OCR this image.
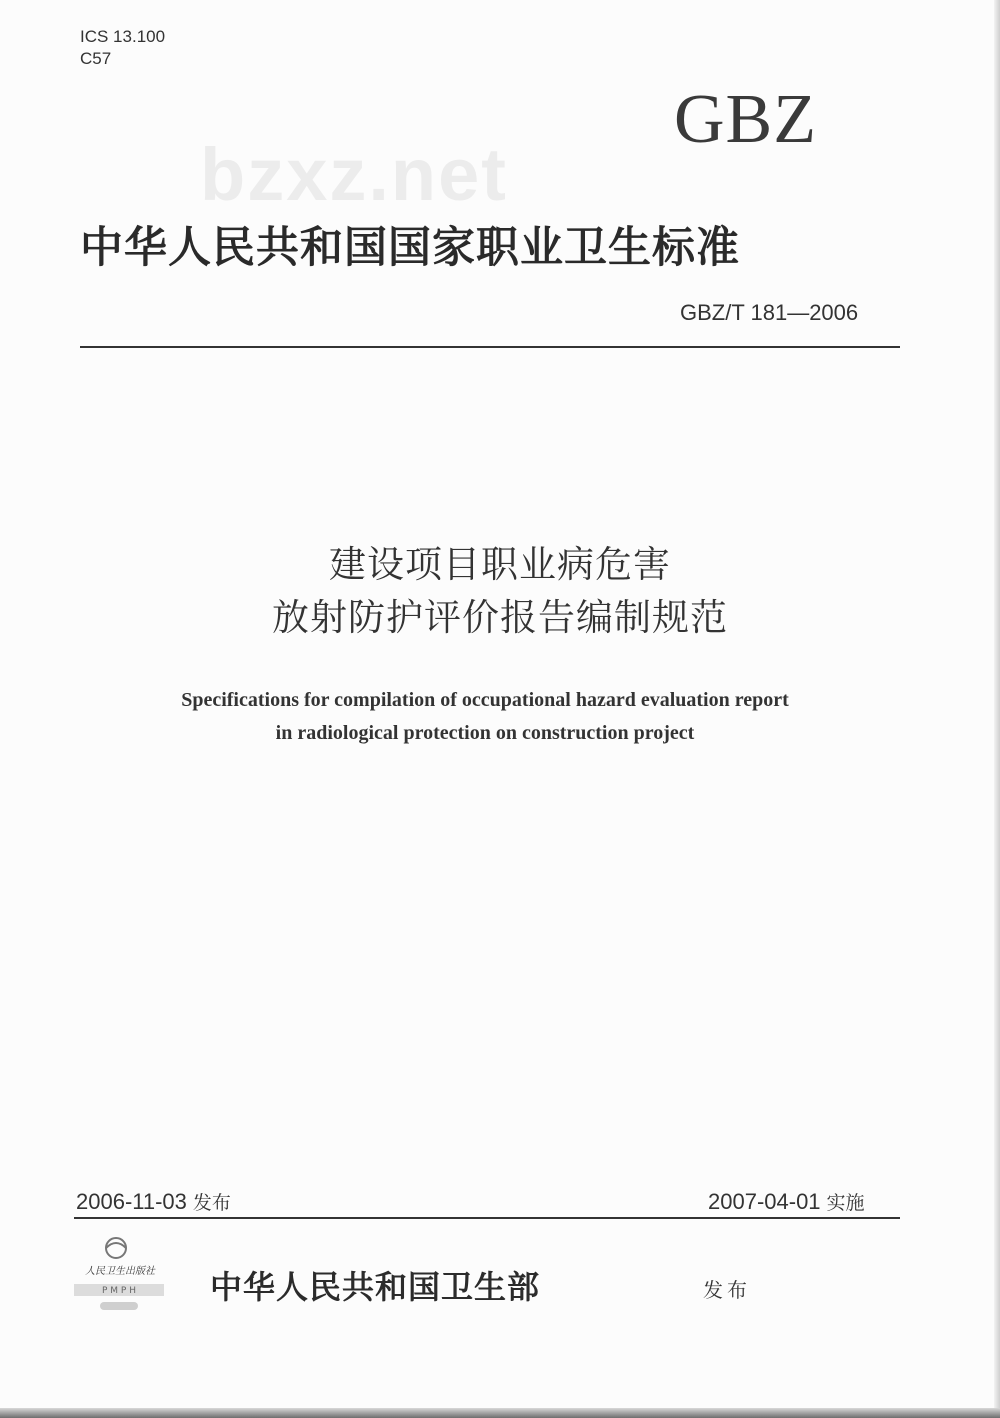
ICS 13.100
C57
bzxz.net
GBZ
中华人民共和国国家职业卫生标准
GBZ/T 181—2006
建设项目职业病危害
放射防护评价报告编制规范
Specifications for compilation of occupational hazard evaluation report
in radiological protection on construction project
2006-11-03 发布	2007-04-01 实施
人民卫生出版社
P M P H 中华人民共和国卫生部	发布
